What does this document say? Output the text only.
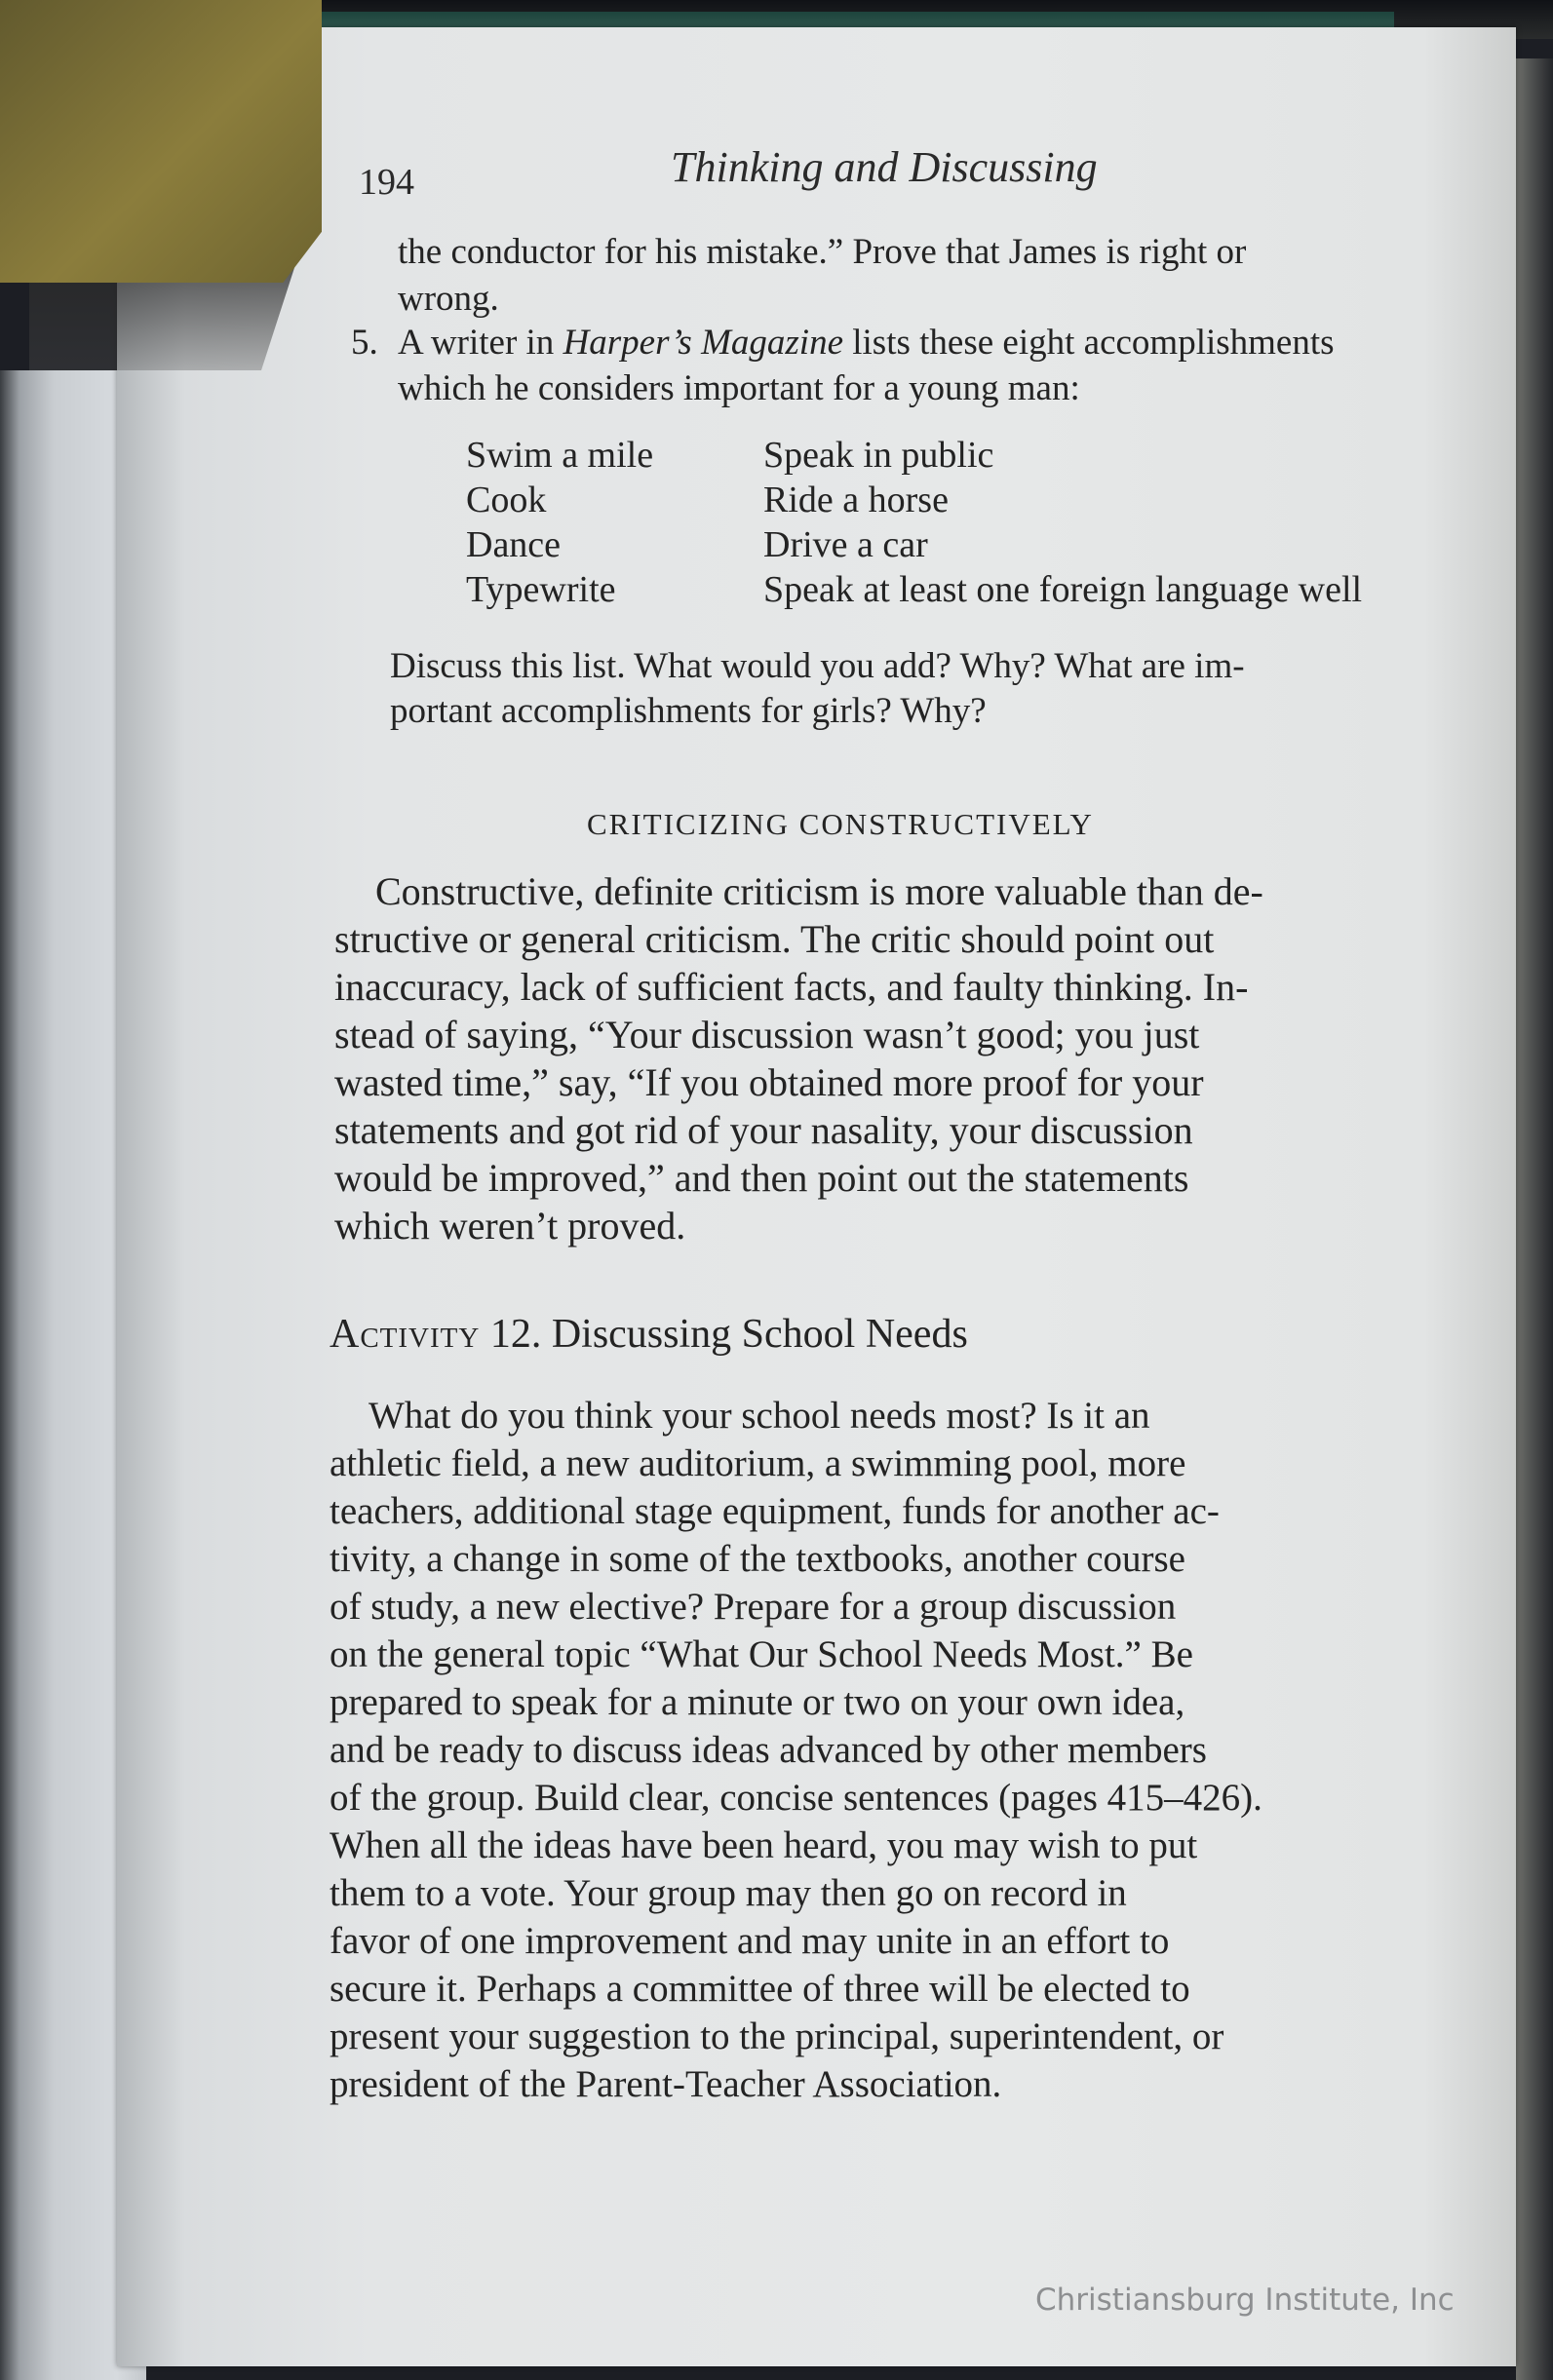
194	Thinking and Discussing
the conductor for his mistake.” Prove that James is right or
wrong.
5. A writer in Harper’s Magazine lists these eight accomplishments
which he considers important for a young man:
Swim a mile
Cook
Dance
Typewrite
Speak in public
Ride a horse
Drive a car
Speak at least one foreign language well
Discuss this list. What would you add? Why? What are im-
portant accomplishments for girls? Why?
CRITICIZING CONSTRUCTIVELY
Constructive, definite criticism is more valuable than de-
structive or general criticism. The critic should point out
inaccuracy, lack of sufficient facts, and faulty thinking. In-
stead of saying, “Your discussion wasn’t good; you just
wasted time,” say, “If you obtained more proof for your
statements and got rid of your nasality, your discussion
would be improved,” and then point out the statements
which weren’t proved.
Activity 12. Discussing School Needs
What do you think your school needs most? Is it an
athletic field, a new auditorium, a swimming pool, more
teachers, additional stage equipment, funds for another ac-
tivity, a change in some of the textbooks, another course
of study, a new elective? Prepare for a group discussion
on the general topic “What Our School Needs Most.” Be
prepared to speak for a minute or two on your own idea,
and be ready to discuss ideas advanced by other members
of the group. Build clear, concise sentences (pages 415–426).
When all the ideas have been heard, you may wish to put
them to a vote. Your group may then go on record in
favor of one improvement and may unite in an effort to
secure it. Perhaps a committee of three will be elected to
present your suggestion to the principal, superintendent, or
president of the Parent-Teacher Association.
Christiansburg Institute, Inc
